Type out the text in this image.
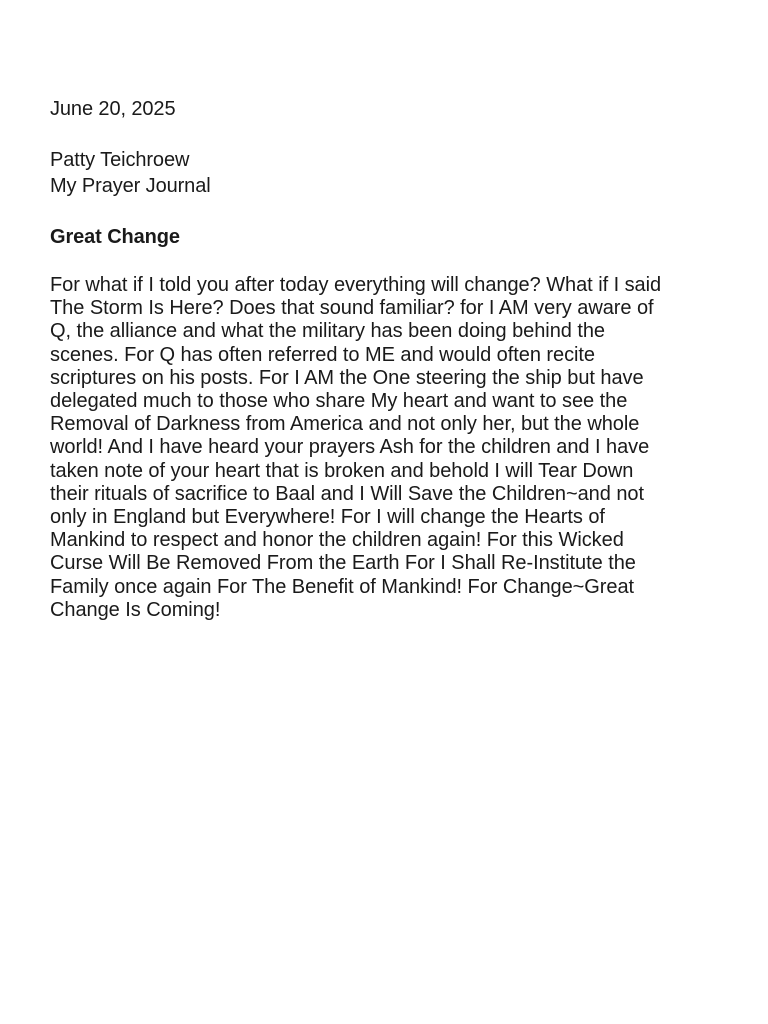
June 20, 2025
Patty Teichroew
My Prayer Journal
Great Change
For what if I told you after today everything will change? What if I said
The Storm Is Here? Does that sound familiar? for I AM very aware of
Q, the alliance and what the military has been doing behind the
scenes. For Q has often referred to ME and would often recite
scriptures on his posts. For I AM the One steering the ship but have
delegated much to those who share My heart and want to see the
Removal of Darkness from America and not only her, but the whole
world! And I have heard your prayers Ash for the children and I have
taken note of your heart that is broken and behold I will Tear Down
their rituals of sacrifice to Baal and I Will Save the Children~and not
only in England but Everywhere! For I will change the Hearts of
Mankind to respect and honor the children again! For this Wicked
Curse Will Be Removed From the Earth For I Shall Re-Institute the
Family once again For The Benefit of Mankind! For Change~Great
Change Is Coming!
